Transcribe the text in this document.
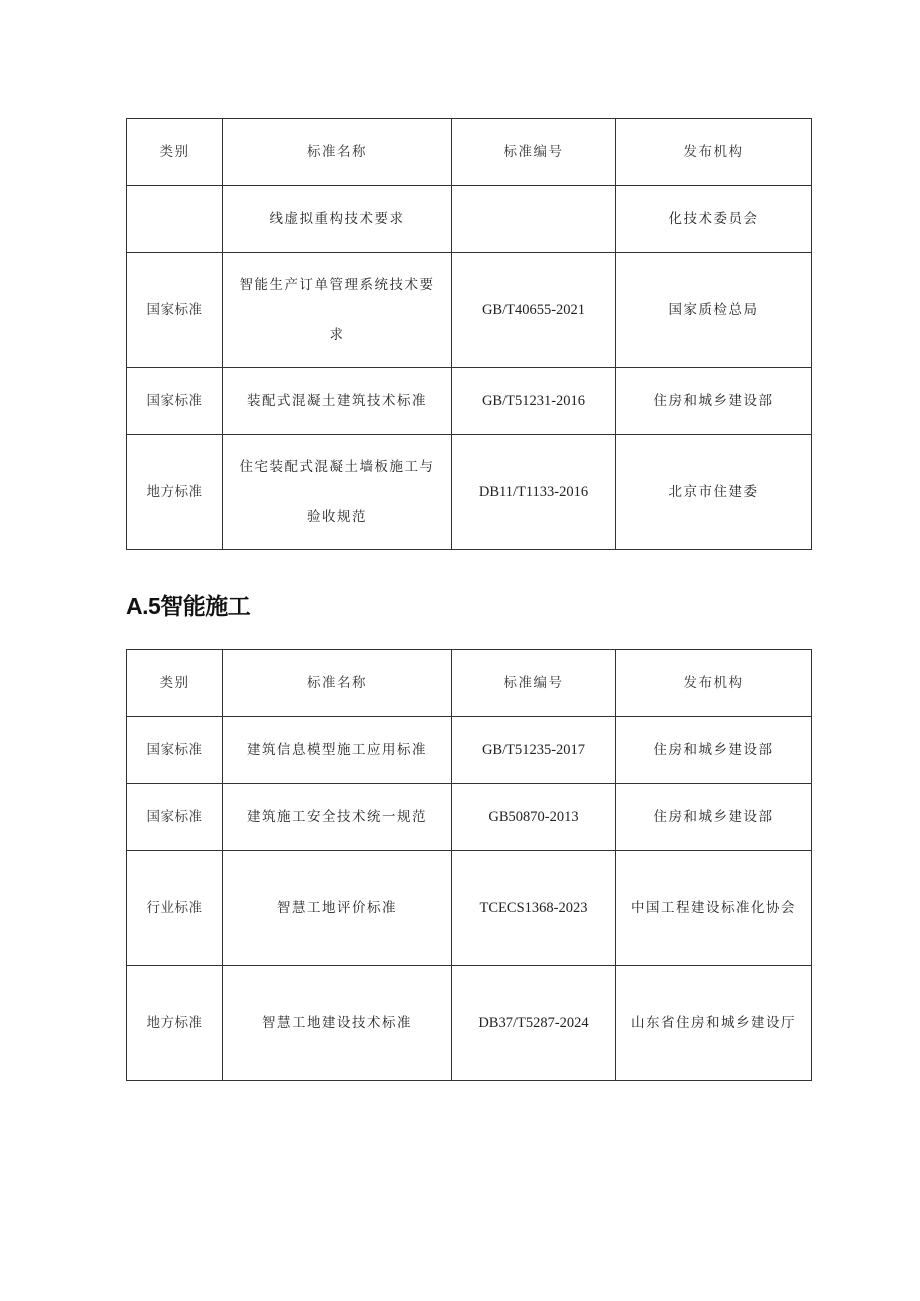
类别	标准名称	标准编号	发布机构
	线虚拟重构技术要求		化技术委员会
国家标准	智能生产订单管理系统技术要求	GB/T40655-2021	国家质检总局
国家标准	装配式混凝土建筑技术标准	GB/T51231-2016	住房和城乡建设部
地方标准	住宅装配式混凝土墙板施工与验收规范	DB11/T1133-2016	北京市住建委
A.5智能施工
类别	标准名称	标准编号	发布机构
国家标准	建筑信息模型施工应用标准	GB/T51235-2017	住房和城乡建设部
国家标准	建筑施工安全技术统一规范	GB50870-2013	住房和城乡建设部
行业标准	智慧工地评价标准	TCECS1368-2023	中国工程建设标准化协会
地方标准	智慧工地建设技术标准	DB37/T5287-2024	山东省住房和城乡建设厅
